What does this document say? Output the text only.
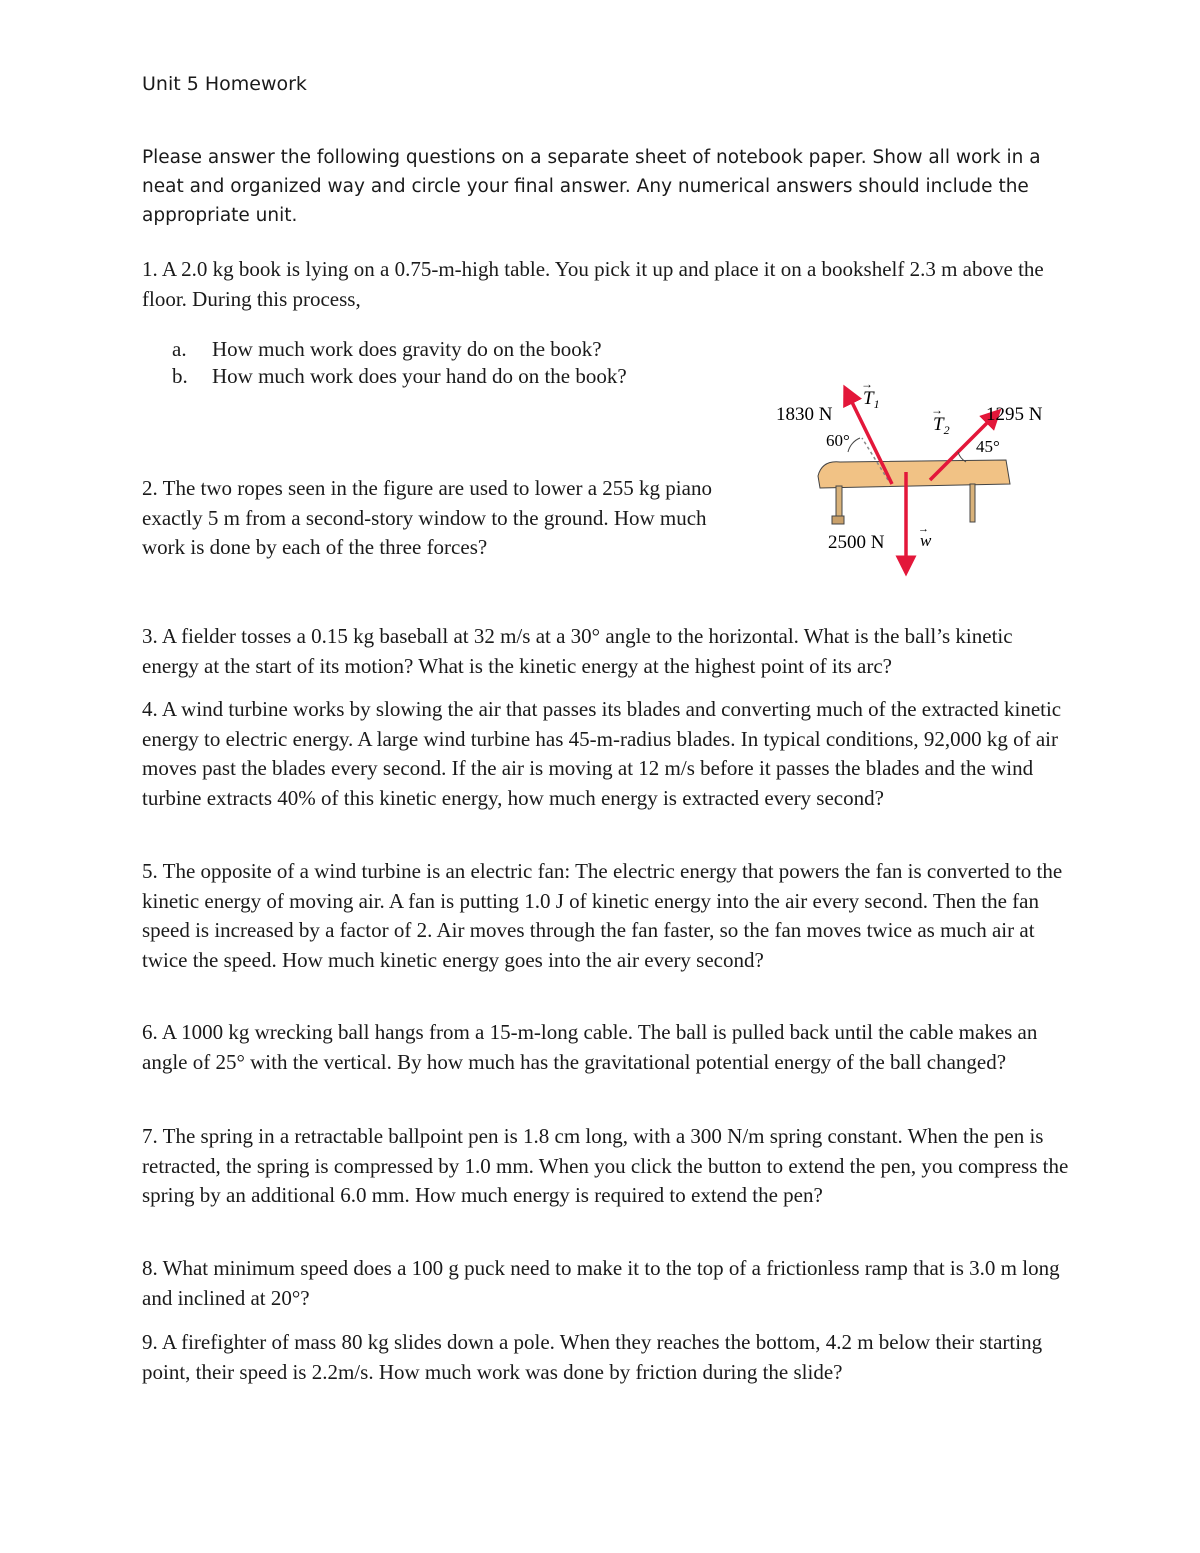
Unit 5 Homework
Please answer the following questions on a separate sheet of notebook paper. Show all work in a neat and organized way and circle your final answer. Any numerical answers should include the appropriate unit.
1. A 2.0 kg book is lying on a 0.75-m-high table. You pick it up and place it on a bookshelf 2.3 m above the floor. During this process,
a.	How much work does gravity do on the book?
b.	How much work does your hand do on the book?
2. The two ropes seen in the figure are used to lower a 255 kg piano exactly 5 m from a second-story window to the ground. How much work is done by each of the three forces?
1830 N
60°
$T_1$
→
1295 N
45°
$T_2$
→
2500 N w
→
3. A fielder tosses a 0.15 kg baseball at 32 m/s at a 30° angle to the horizontal. What is the ball’s kinetic energy at the start of its motion? What is the kinetic energy at the highest point of its arc?
4. A wind turbine works by slowing the air that passes its blades and converting much of the extracted kinetic energy to electric energy. A large wind turbine has 45-m-radius blades. In typical conditions, 92,000 kg of air moves past the blades every second. If the air is moving at 12 m/s before it passes the blades and the wind turbine extracts 40% of this kinetic energy, how much energy is extracted every second?
5. The opposite of a wind turbine is an electric fan: The electric energy that powers the fan is converted to the kinetic energy of moving air. A fan is putting 1.0 J of kinetic energy into the air every second. Then the fan speed is increased by a factor of 2. Air moves through the fan faster, so the fan moves twice as much air at twice the speed. How much kinetic energy goes into the air every second?
6. A 1000 kg wrecking ball hangs from a 15-m-long cable. The ball is pulled back until the cable makes an angle of 25° with the vertical. By how much has the gravitational potential energy of the ball changed?
7. The spring in a retractable ballpoint pen is 1.8 cm long, with a 300 N/m spring constant. When the pen is retracted, the spring is compressed by 1.0 mm. When you click the button to extend the pen, you compress the spring by an additional 6.0 mm. How much energy is required to extend the pen?
8. What minimum speed does a 100 g puck need to make it to the top of a frictionless ramp that is 3.0 m long and inclined at 20°?
9. A firefighter of mass 80 kg slides down a pole. When they reaches the bottom, 4.2 m below their starting point, their speed is 2.2m/s. How much work was done by friction during the slide?
